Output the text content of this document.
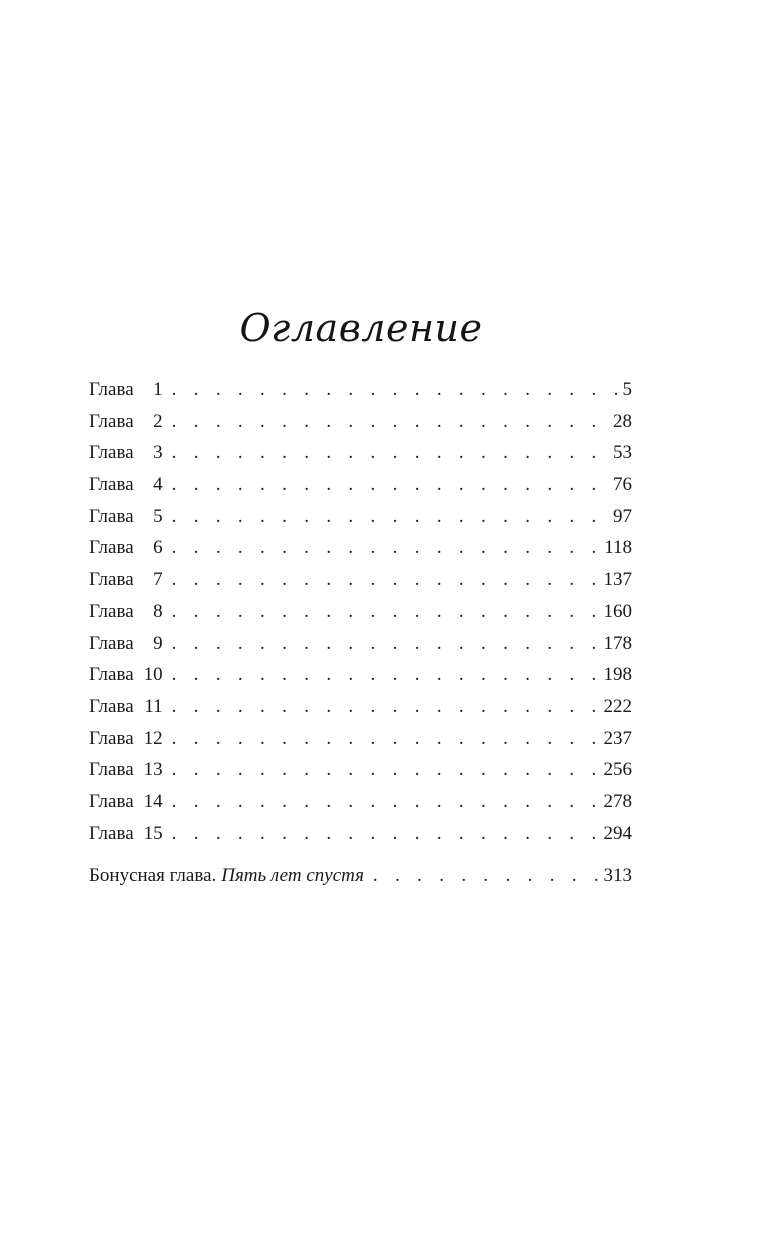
Оглавление
Глава	1 . . .	5
Глава	2 . . .	28
Глава	3 . . .	53
Глава	4 . . .	76
Глава	5 . . .	97
Глава	6 . . .	118
Глава	7 . . .	137
Глава	8 . . .	160
Глава	9 . . .	178
Глава 10 . . .	198
Глава 11 . . .	222
Глава 12 . . .	237
Глава 13 . . .	256
Глава 14 . . .	278
Глава 15 . . .	294
Бонусная глава. Пять лет спустя . . .	313
